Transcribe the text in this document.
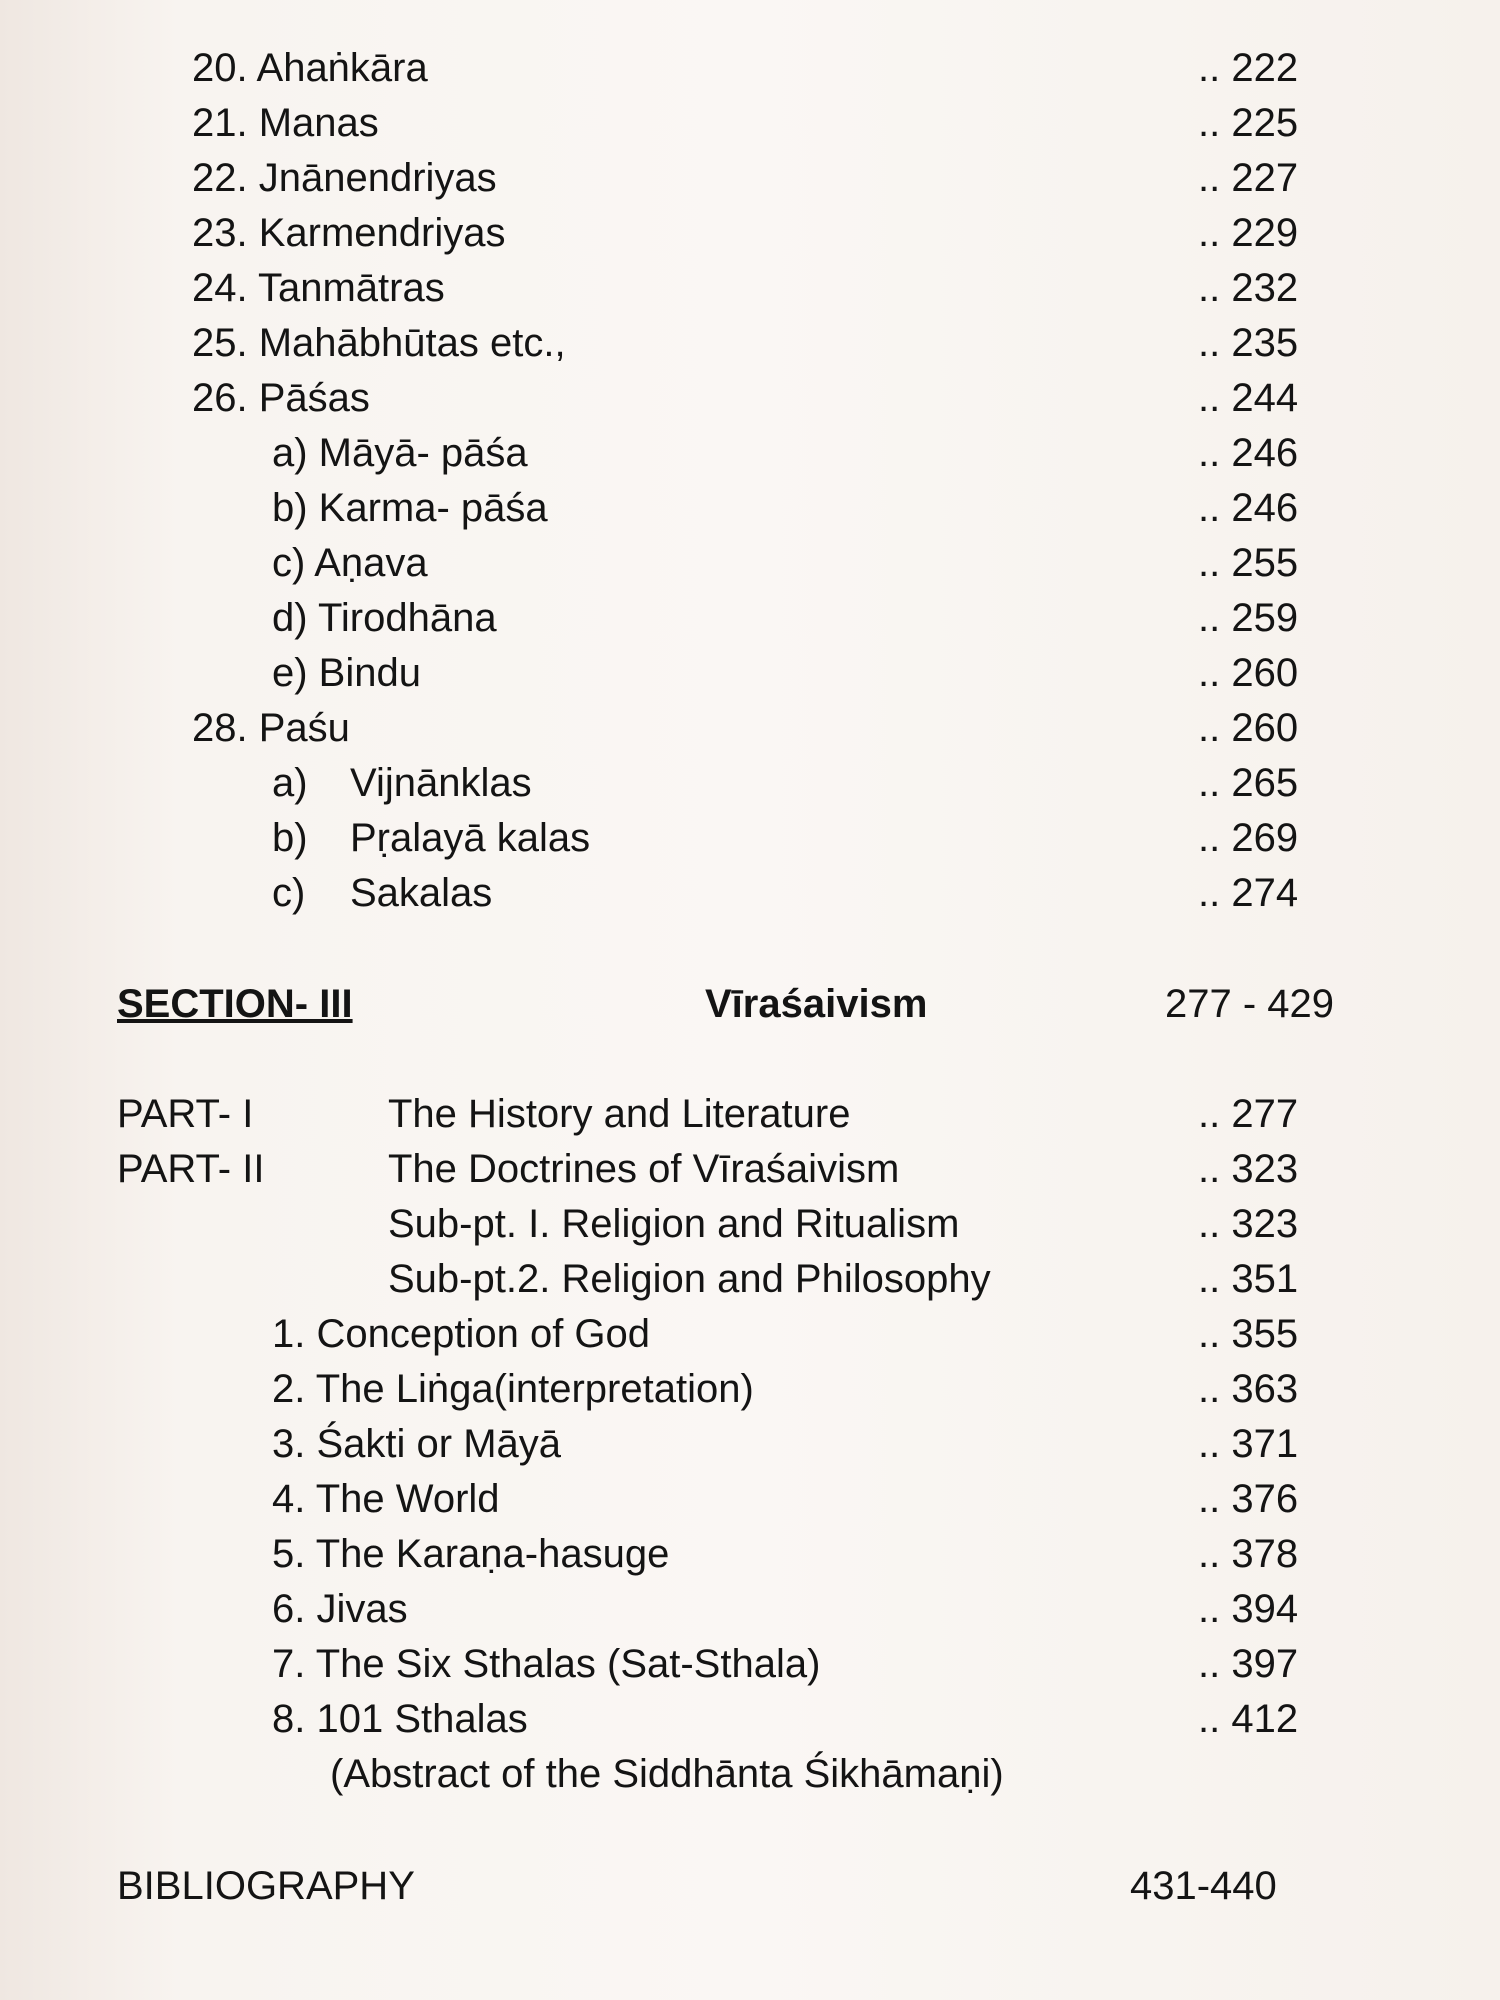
20. Ahaṅkāra	.. 222
21. Manas	.. 225
22. Jnānendriyas	.. 227
23. Karmendriyas	.. 229
24. Tanmātras	.. 232
25. Mahābhūtas etc.,	.. 235
26. Pāśas	.. 244
a) Māyā- pāśa	.. 246
b) Karma- pāśa	.. 246
c) Aṇava	.. 255
d) Tirodhāna	.. 259
e) Bindu	.. 260
28. Paśu	.. 260
a) Vijnānklas	.. 265
b) Pṛalayā kalas	.. 269
c) Sakalas	.. 274
SECTION- III	Vīraśaivism	277 - 429
PART- I	The History and Literature	.. 277
PART- II	The Doctrines of Vīraśaivism	.. 323
Sub-pt. I. Religion and Ritualism	.. 323
Sub-pt.2. Religion and Philosophy	.. 351
1. Conception of God	.. 355
2. The Liṅga(interpretation)	.. 363
3. Śakti or Māyā	.. 371
4. The World	.. 376
5. The Karaṇa-hasuge	.. 378
6. Jivas	.. 394
7. The Six Sthalas (Sat-Sthala)	.. 397
8. 101 Sthalas	.. 412
(Abstract of the Siddhānta Śikhāmaṇi)
BIBLIOGRAPHY	431-440
